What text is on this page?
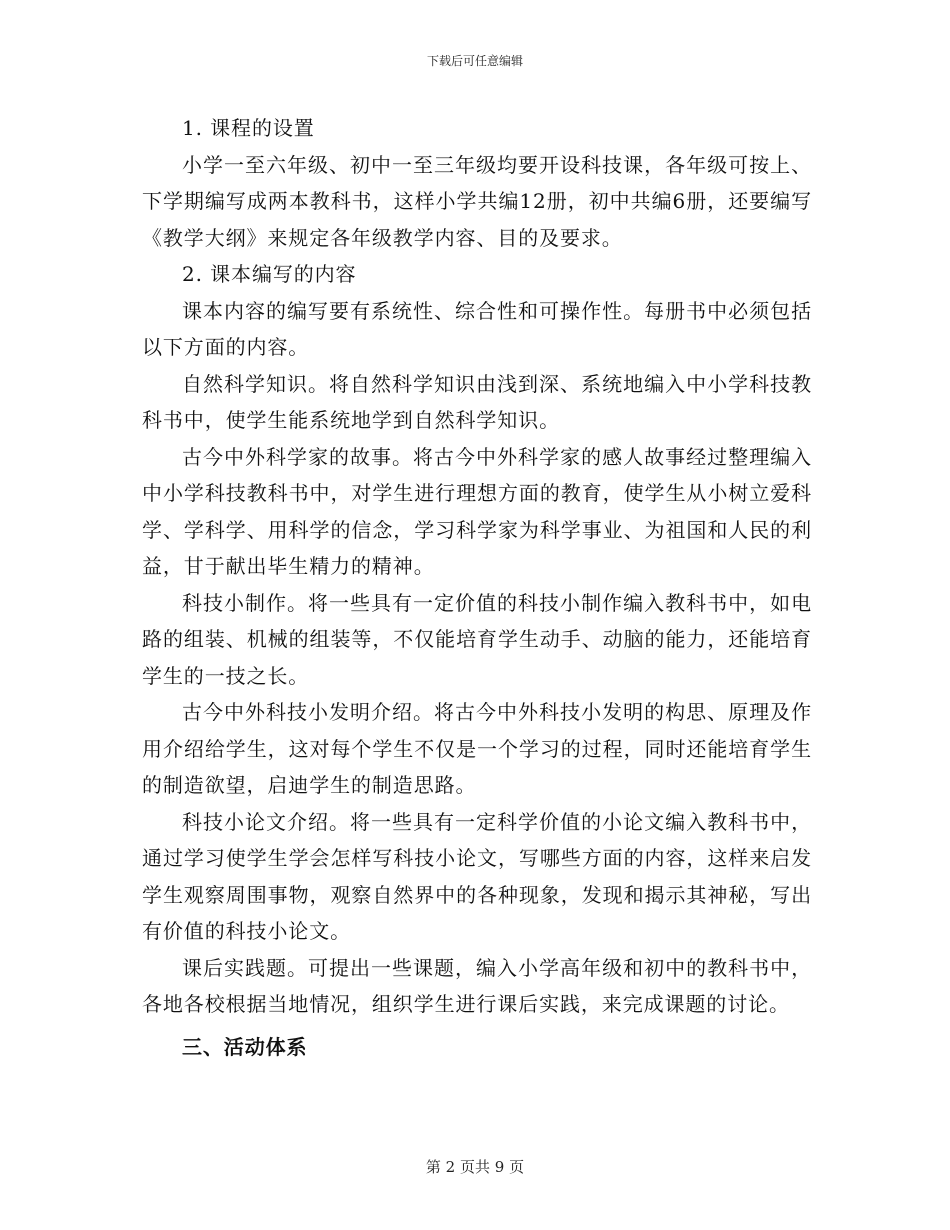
下载后可任意编辑

1. 课程的设置

小学一至六年级、初中一至三年级均要开设科技课，各年级可按上、下学期编写成两本教科书，这样小学共编12册，初中共编6册，还要编写《教学大纲》来规定各年级教学内容、目的及要求。

2. 课本编写的内容

课本内容的编写要有系统性、综合性和可操作性。每册书中必须包括以下方面的内容。

自然科学知识。将自然科学知识由浅到深、系统地编入中小学科技教科书中，使学生能系统地学到自然科学知识。

古今中外科学家的故事。将古今中外科学家的感人故事经过整理编入中小学科技教科书中，对学生进行理想方面的教育，使学生从小树立爱科学、学科学、用科学的信念，学习科学家为科学事业、为祖国和人民的利益，甘于献出毕生精力的精神。

科技小制作。将一些具有一定价值的科技小制作编入教科书中，如电路的组装、机械的组装等，不仅能培育学生动手、动脑的能力，还能培育学生的一技之长。

古今中外科技小发明介绍。将古今中外科技小发明的构思、原理及作用介绍给学生，这对每个学生不仅是一个学习的过程，同时还能培育学生的制造欲望，启迪学生的制造思路。

科技小论文介绍。将一些具有一定科学价值的小论文编入教科书中，通过学习使学生学会怎样写科技小论文，写哪些方面的内容，这样来启发学生观察周围事物，观察自然界中的各种现象，发现和揭示其神秘，写出有价值的科技小论文。

课后实践题。可提出一些课题，编入小学高年级和初中的教科书中，各地各校根据当地情况，组织学生进行课后实践，来完成课题的讨论。

三、活动体系

第 2 页共 9 页
